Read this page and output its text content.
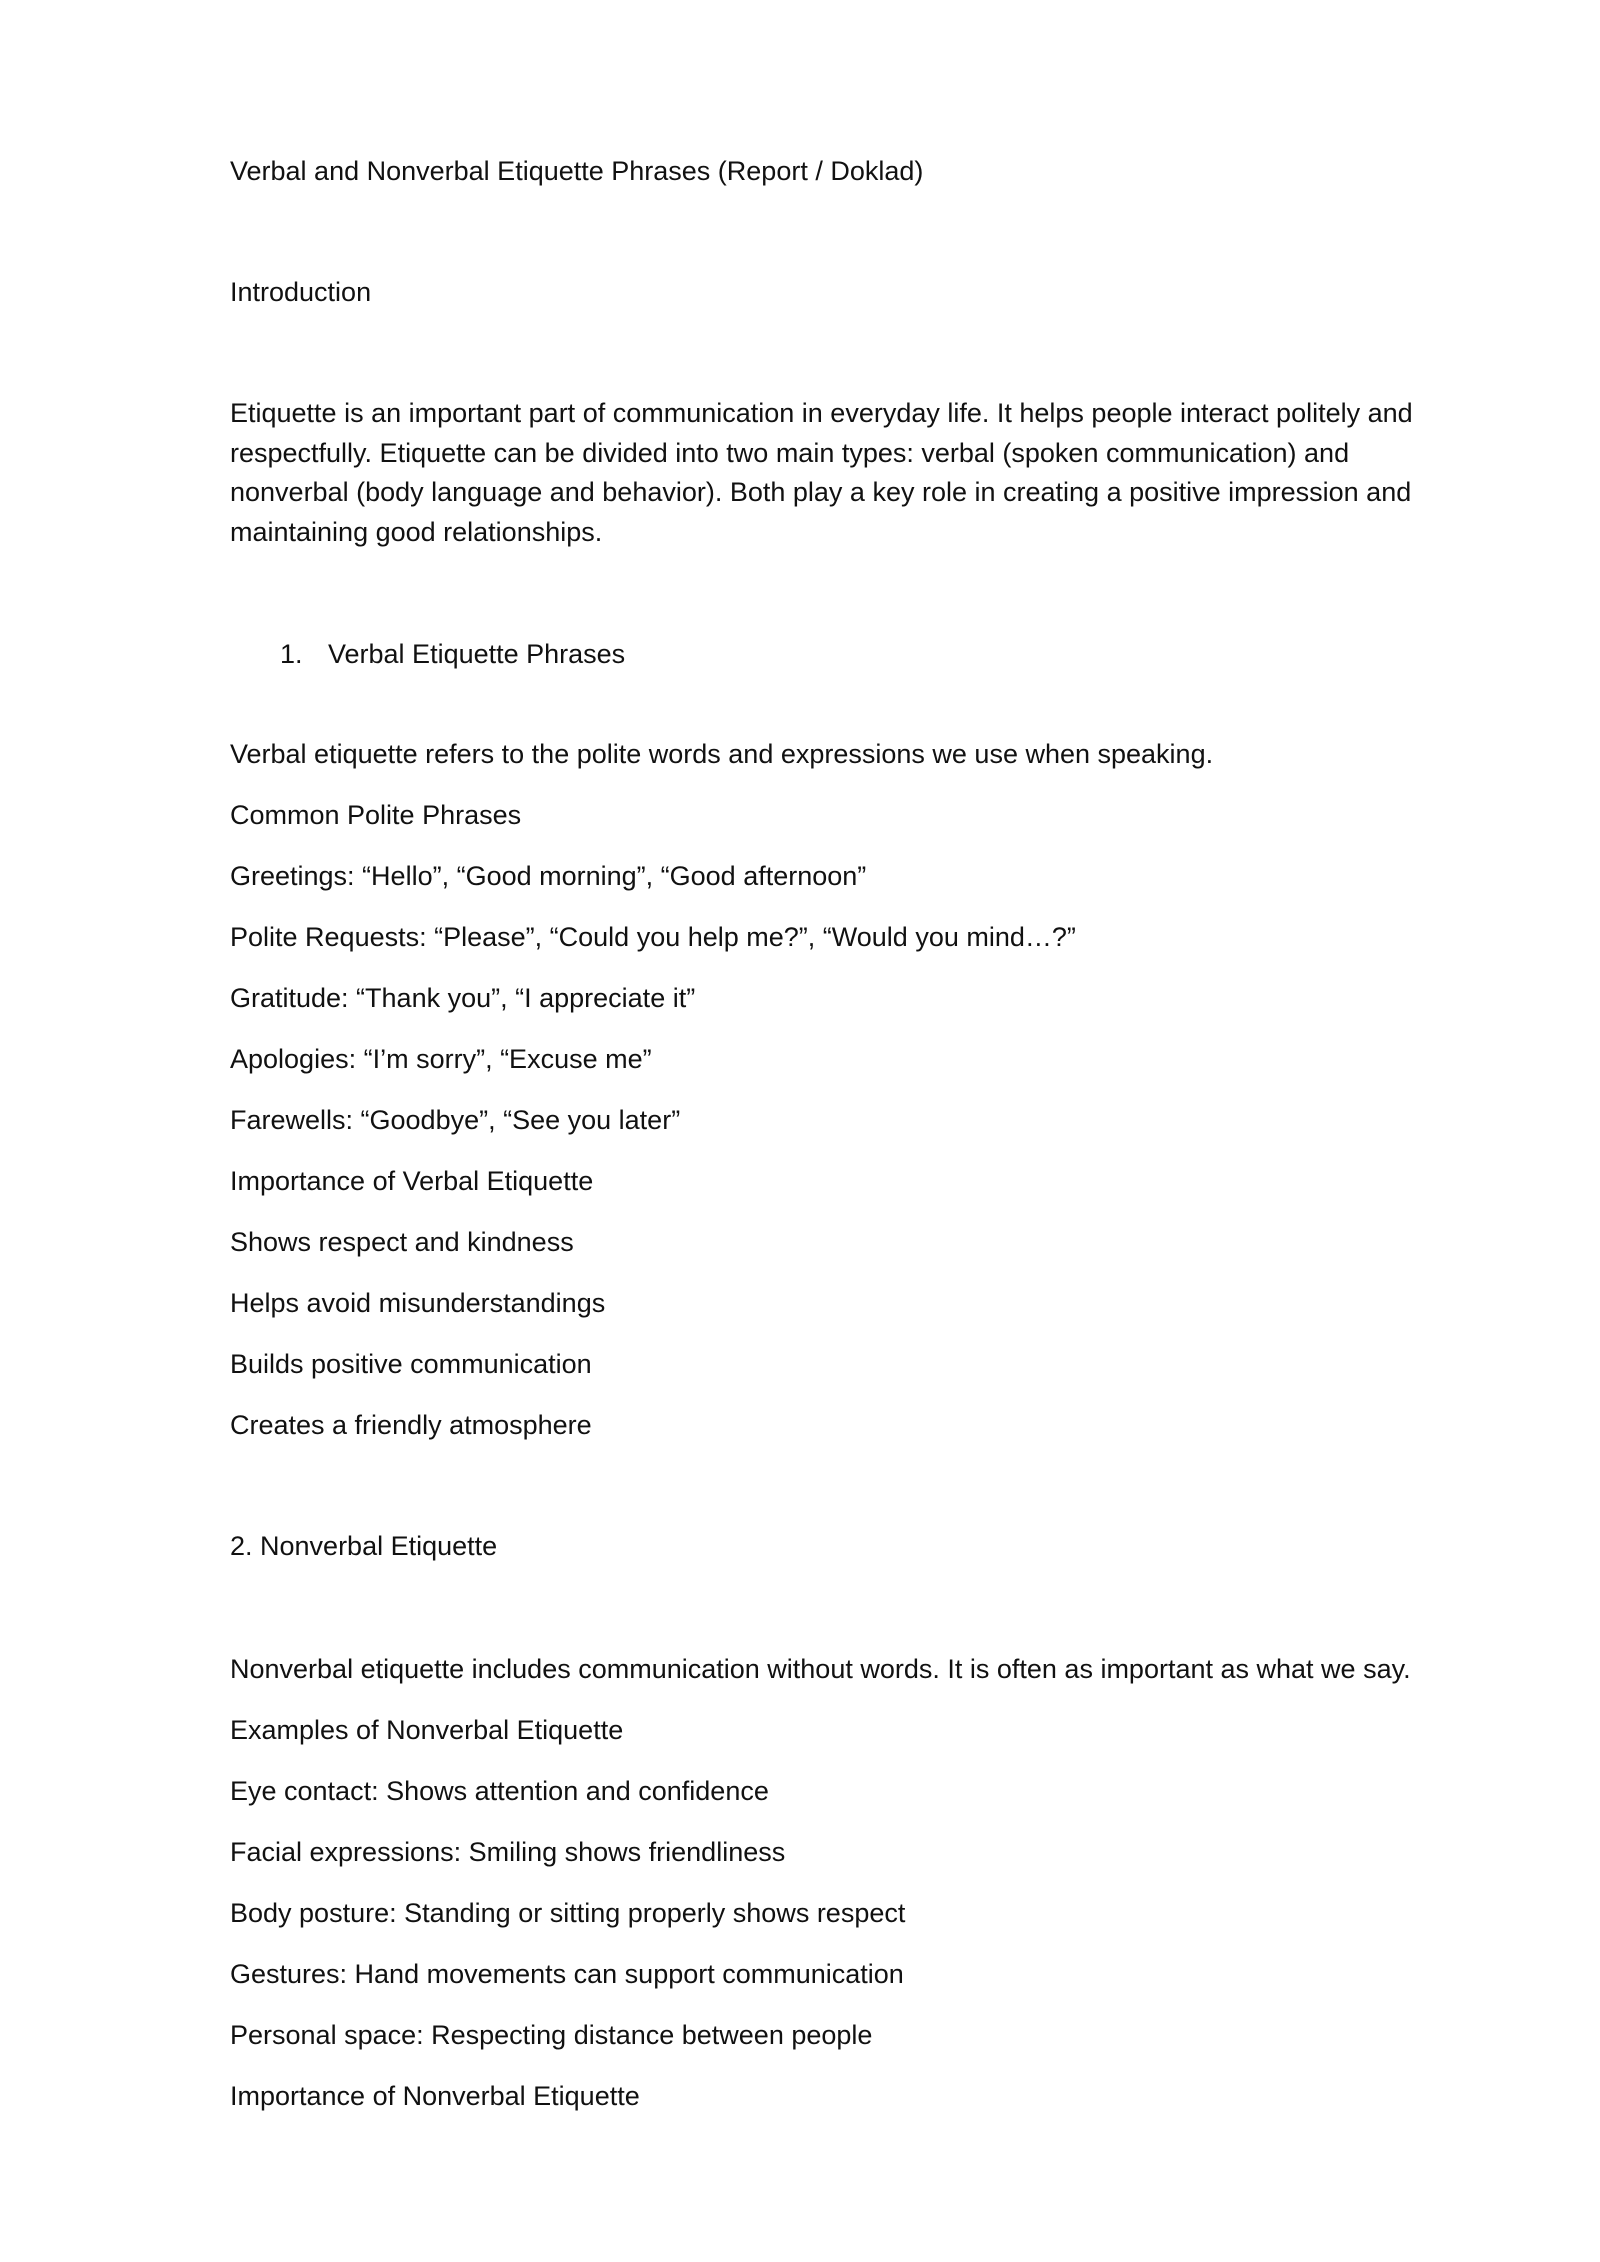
Verbal and Nonverbal Etiquette Phrases (Report / Doklad)
Introduction
Etiquette is an important part of communication in everyday life. It helps people interact politely and respectfully. Etiquette can be divided into two main types: verbal (spoken communication) and nonverbal (body language and behavior). Both play a key role in creating a positive impression and maintaining good relationships.
1. Verbal Etiquette Phrases
Verbal etiquette refers to the polite words and expressions we use when speaking.
Common Polite Phrases
Greetings: “Hello”, “Good morning”, “Good afternoon”
Polite Requests: “Please”, “Could you help me?”, “Would you mind…?”
Gratitude: “Thank you”, “I appreciate it”
Apologies: “I’m sorry”, “Excuse me”
Farewells: “Goodbye”, “See you later”
Importance of Verbal Etiquette
Shows respect and kindness
Helps avoid misunderstandings
Builds positive communication
Creates a friendly atmosphere
2. Nonverbal Etiquette
Nonverbal etiquette includes communication without words. It is often as important as what we say.
Examples of Nonverbal Etiquette
Eye contact: Shows attention and confidence
Facial expressions: Smiling shows friendliness
Body posture: Standing or sitting properly shows respect
Gestures: Hand movements can support communication
Personal space: Respecting distance between people
Importance of Nonverbal Etiquette
